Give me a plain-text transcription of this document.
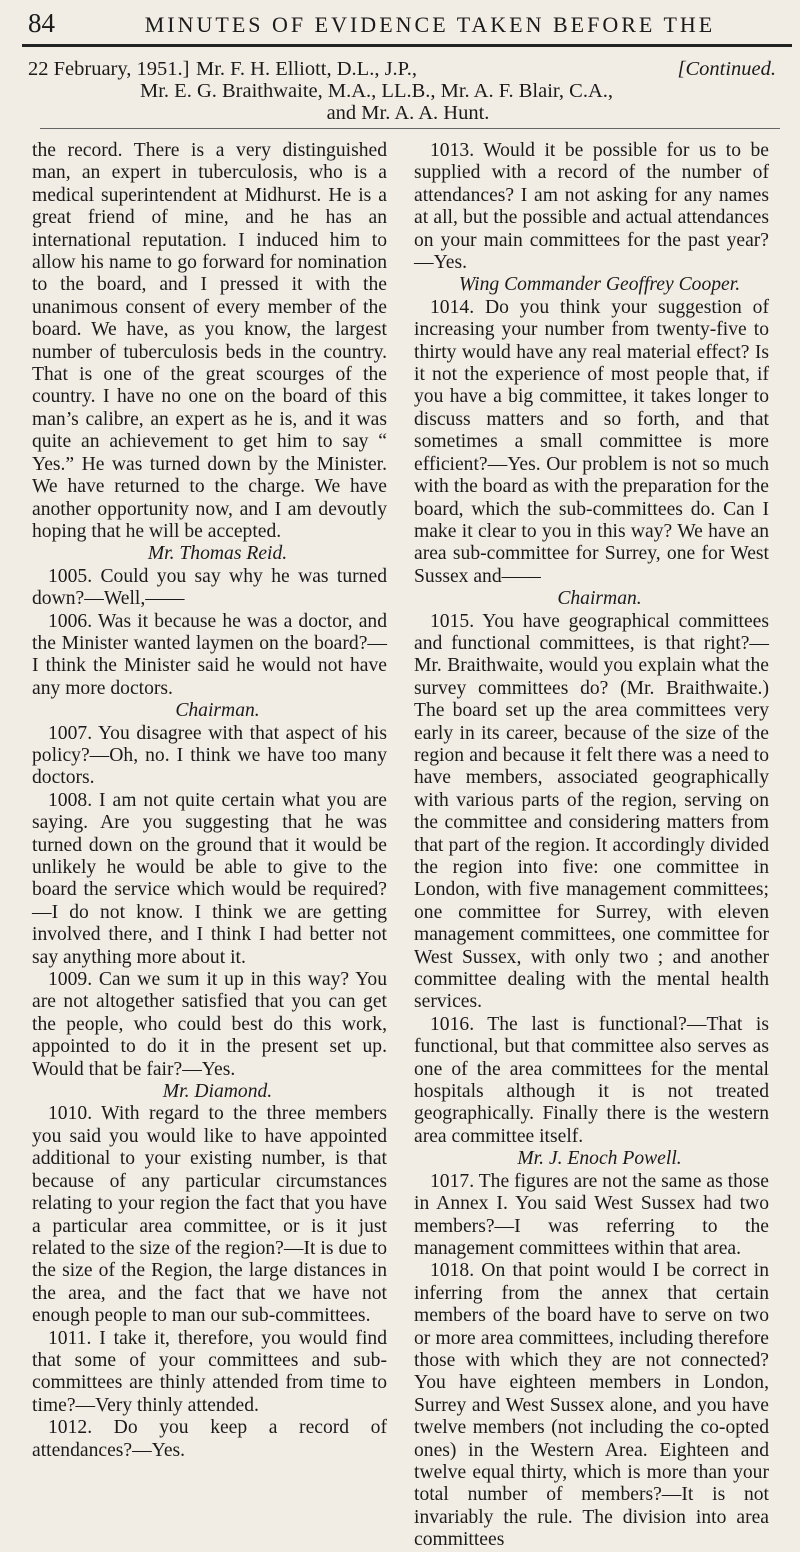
84	MINUTES OF EVIDENCE TAKEN BEFORE THE
22 February, 1951.] Mr. F. H. Elliott, D.L., J.P.,	[Continued.
Mr. E. G. Braithwaite, M.A., LL.B., Mr. A. F. Blair, C.A.,
and Mr. A. A. Hunt.

the record. There is a very distinguished man, an expert in tuberculosis, who is a medical superintendent at Midhurst. He is a great friend of mine, and he has an international reputation. I induced him to allow his name to go forward for nomination to the board, and I pressed it with the unanimous consent of every member of the board. We have, as you know, the largest number of tuberculosis beds in the country. That is one of the great scourges of the country. I have no one on the board of this man’s calibre, an expert as he is, and it was quite an achievement to get him to say “ Yes.” He was turned down by the Minister. We have returned to the charge. We have another opportunity now, and I am devoutly hoping that he will be accepted.

Mr. Thomas Reid.

1005. Could you say why he was turned down?—Well,——

1006. Was it because he was a doctor, and the Minister wanted laymen on the board?—I think the Minister said he would not have any more doctors.

Chairman.

1007. You disagree with that aspect of his policy?—Oh, no. I think we have too many doctors.

1008. I am not quite certain what you are saying. Are you suggesting that he was turned down on the ground that it would be unlikely he would be able to give to the board the service which would be required?—I do not know. I think we are getting involved there, and I think I had better not say anything more about it.

1009. Can we sum it up in this way? You are not altogether satisfied that you can get the people, who could best do this work, appointed to do it in the present set up. Would that be fair?—Yes.

Mr. Diamond.

1010. With regard to the three members you said you would like to have appointed additional to your existing number, is that because of any particular circumstances relating to your region the fact that you have a particular area committee, or is it just related to the size of the region?—It is due to the size of the Region, the large distances in the area, and the fact that we have not enough people to man our sub-committees.

1011. I take it, therefore, you would find that some of your committees and sub-committees are thinly attended from time to time?—Very thinly attended.

1012. Do you keep a record of attendances?—Yes.

1013. Would it be possible for us to be supplied with a record of the number of attendances? I am not asking for any names at all, but the possible and actual attendances on your main committees for the past year?—Yes.

Wing Commander Geoffrey Cooper.

1014. Do you think your suggestion of increasing your number from twenty-five to thirty would have any real material effect? Is it not the experience of most people that, if you have a big committee, it takes longer to discuss matters and so forth, and that sometimes a small committee is more efficient?—Yes. Our problem is not so much with the board as with the preparation for the board, which the sub-committees do. Can I make it clear to you in this way? We have an area sub-committee for Surrey, one for West Sussex and——

Chairman.

1015. You have geographical committees and functional committees, is that right?—Mr. Braithwaite, would you explain what the survey committees do? (Mr. Braithwaite.) The board set up the area committees very early in its career, because of the size of the region and because it felt there was a need to have members, associated geographically with various parts of the region, serving on the committee and considering matters from that part of the region. It accordingly divided the region into five: one committee in London, with five management committees; one committee for Surrey, with eleven management committees, one committee for West Sussex, with only two ; and another committee dealing with the mental health services.

1016. The last is functional?—That is functional, but that committee also serves as one of the area committees for the mental hospitals although it is not treated geographically. Finally there is the western area committee itself.

Mr. J. Enoch Powell.

1017. The figures are not the same as those in Annex I. You said West Sussex had two members?—I was referring to the management committees within that area.

1018. On that point would I be correct in inferring from the annex that certain members of the board have to serve on two or more area committees, including therefore those with which they are not connected? You have eighteen members in London, Surrey and West Sussex alone, and you have twelve members (not including the co-opted ones) in the Western Area. Eighteen and twelve equal thirty, which is more than your total number of members?—It is not invariably the rule. The division into area committees
